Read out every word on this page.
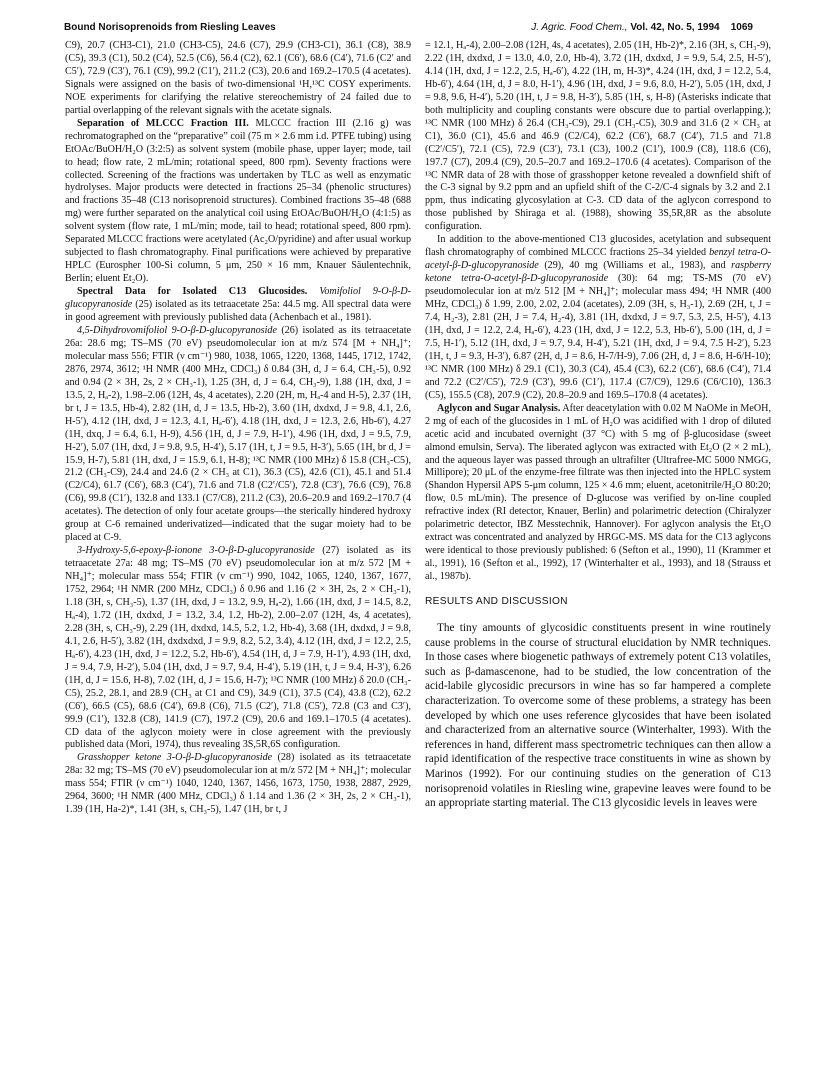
Bound Norisoprenoids from Riesling Leaves	J. Agric. Food Chem., Vol. 42, No. 5, 1994 1069

C9), 20.7 (CH3-C1), 21.0 (CH3-C5), 24.6 (C7), 29.9 (CH3-C1), 36.1 (C8), 38.9 (C5), 39.3 (C1), 50.2 (C4), 52.5 (C6), 56.4 (C2), 62.1 (C6′), 68.6 (C4′), 71.6 (C2′ and C5′), 72.9 (C3′), 76.1 (C9), 99.2 (C1′), 211.2 (C3), 20.6 and 169.2–170.5 (4 acetates). Signals were assigned on the basis of two-dimensional ¹H,¹³C COSY experiments. NOE experiments for clarifying the relative stereochemistry of 24 failed due to partial overlapping of the relevant signals with the acetate signals.

Separation of MLCCC Fraction III. MLCCC fraction III (2.16 g) was rechromatographed on the “preparative” coil (75 m × 2.6 mm i.d. PTFE tubing) using EtOAc/BuOH/H₂O (3:2:5) as solvent system (mobile phase, upper layer; mode, tail to head; flow rate, 2 mL/min; rotational speed, 800 rpm). Seventy fractions were collected. Screening of the fractions was undertaken by TLC as well as enzymatic hydrolyses. Major products were detected in fractions 25–34 (phenolic structures) and fractions 35–48 (C13 norisoprenoid structures). Combined fractions 35–48 (688 mg) were further separated on the analytical coil using EtOAc/BuOH/H₂O (4:1:5) as solvent system (flow rate, 1 mL/min; mode, tail to head; rotational speed, 800 rpm). Separated MLCCC fractions were acetylated (Ac₂O/pyridine) and after usual workup subjected to flash chromatography. Final purifications were achieved by preparative HPLC (Eurospher 100-Si column, 5 μm, 250 × 16 mm, Knauer Säulentechnik, Berlin; eluent Et₂O).

Spectral Data for Isolated C13 Glucosides. Vomifoliol 9-O-β-D-glucopyranoside (25) isolated as its tetraacetate 25a: 44.5 mg. All spectral data were in good agreement with previously published data (Achenbach et al., 1981).

4,5-Dihydrovomifoliol 9-O-β-D-glucopyranoside (26) isolated as its tetraacetate 26a: 28.6 mg; TS–MS (70 eV) pseudomolecular ion at m/z 574 [M + NH₄]⁺; molecular mass 556; FTIR (ν cm⁻¹) 980, 1038, 1065, 1220, 1368, 1445, 1712, 1742, 2876, 2974, 3612; ¹H NMR (400 MHz, CDCl₃) δ 0.84 (3H, d, J = 6.4, CH₃-5), 0.92 and 0.94 (2 × 3H, 2s, 2 × CH₃-1), 1.25 (3H, d, J = 6.4, CH₃-9), 1.88 (1H, dxd, J = 13.5, 2, Hₐ-2), 1.98–2.06 (12H, 4s, 4 acetates), 2.20 (2H, m, Hₐ-4 and H-5), 2.37 (1H, br t, J = 13.5, Hb-4), 2.82 (1H, d, J = 13.5, Hb-2), 3.60 (1H, dxdxd, J = 9.8, 4.1, 2.6, H-5′), 4.12 (1H, dxd, J = 12.3, 4.1, Hₐ-6′), 4.18 (1H, dxd, J = 12.3, 2.6, Hb-6′), 4.27 (1H, dxq, J = 6.4, 6.1, H-9), 4.56 (1H, d, J = 7.9, H-1′), 4.96 (1H, dxd, J = 9.5, 7.9, H-2′), 5.07 (1H, dxd, J = 9.8, 9.5, H-4′), 5.17 (1H, t, J = 9.5, H-3′), 5.65 (1H, br d, J = 15.9, H-7), 5.81 (1H, dxd, J = 15.9, 6.1, H-8); ¹³C NMR (100 MHz) δ 15.8 (CH₃-C5), 21.2 (CH₃-C9), 24.4 and 24.6 (2 × CH₃ at C1), 36.3 (C5), 42.6 (C1), 45.1 and 51.4 (C2/C4), 61.7 (C6′), 68.3 (C4′), 71.6 and 71.8 (C2′/C5′), 72.8 (C3′), 76.6 (C9), 76.8 (C6), 99.8 (C1′), 132.8 and 133.1 (C7/C8), 211.2 (C3), 20.6–20.9 and 169.2–170.7 (4 acetates). The detection of only four acetate groups—the sterically hindered hydroxy group at C-6 remained underivatized—indicated that the sugar moiety had to be placed at C-9.

3-Hydroxy-5,6-epoxy-β-ionone 3-O-β-D-glucopyranoside (27) isolated as its tetraacetate 27a: 48 mg; TS–MS (70 eV) pseudomolecular ion at m/z 572 [M + NH₄]⁺; molecular mass 554; FTIR (ν cm⁻¹) 990, 1042, 1065, 1240, 1367, 1677, 1752, 2964; ¹H NMR (200 MHz, CDCl₃) δ 0.96 and 1.16 (2 × 3H, 2s, 2 × CH₃-1), 1.18 (3H, s, CH₃-5), 1.37 (1H, dxd, J = 13.2, 9.9, Hₐ-2), 1.66 (1H, dxd, J = 14.5, 8.2, Hₐ-4), 1.72 (1H, dxdxd, J = 13.2, 3.4, 1.2, Hb-2), 2.00–2.07 (12H, 4s, 4 acetates), 2.28 (3H, s, CH₃-9), 2.29 (1H, dxdxd, 14.5, 5.2, 1.2, Hb-4), 3.68 (1H, dxdxd, J = 9.8, 4.1, 2.6, H-5′), 3.82 (1H, dxdxdxd, J = 9.9, 8.2, 5.2, 3.4), 4.12 (1H, dxd, J = 12.2, 2.5, Hₐ-6′), 4.23 (1H, dxd, J = 12.2, 5.2, Hb-6′), 4.54 (1H, d, J = 7.9, H-1′), 4.93 (1H, dxd, J = 9.4, 7.9, H-2′), 5.04 (1H, dxd, J = 9.7, 9.4, H-4′), 5.19 (1H, t, J = 9.4, H-3′), 6.26 (1H, d, J = 15.6, H-8), 7.02 (1H, d, J = 15.6, H-7); ¹³C NMR (100 MHz) δ 20.0 (CH₃-C5), 25.2, 28.1, and 28.9 (CH₃ at C1 and C9), 34.9 (C1), 37.5 (C4), 43.8 (C2), 62.2 (C6′), 66.5 (C5), 68.6 (C4′), 69.8 (C6), 71.5 (C2′), 71.8 (C5′), 72.8 (C3 and C3′), 99.9 (C1′), 132.8 (C8), 141.9 (C7), 197.2 (C9), 20.6 and 169.1–170.5 (4 acetates). CD data of the aglycon moiety were in close agreement with the previously published data (Mori, 1974), thus revealing 3S,5R,6S configuration.

Grasshopper ketone 3-O-β-D-glucopyranoside (28) isolated as its tetraacetate 28a: 32 mg; TS–MS (70 eV) pseudomolecular ion at m/z 572 [M + NH₄]⁺; molecular mass 554; FTIR (ν cm⁻¹) 1040, 1240, 1367, 1456, 1673, 1750, 1938, 2887, 2929, 2964, 3600; ¹H NMR (400 MHz, CDCl₃) δ 1.14 and 1.36 (2 × 3H, 2s, 2 × CH₃-1), 1.39 (1H, Ha-2)*, 1.41 (3H, s, CH₃-5), 1.47 (1H, br t, J

= 12.1, Hₐ-4), 2.00–2.08 (12H, 4s, 4 acetates), 2.05 (1H, Hb-2)*, 2.16 (3H, s, CH₃-9), 2.22 (1H, dxdxd, J = 13.0, 4.0, 2.0, Hb-4), 3.72 (1H, dxdxd, J = 9.9, 5.4, 2.5, H-5′), 4.14 (1H, dxd, J = 12.2, 2.5, Hₐ-6′), 4.22 (1H, m, H-3)*, 4.24 (1H, dxd, J = 12.2, 5.4, Hb-6′), 4.64 (1H, d, J = 8.0, H-1′), 4.96 (1H, dxd, J = 9.6, 8.0, H-2′), 5.05 (1H, dxd, J = 9.8, 9.6, H-4′), 5.20 (1H, t, J = 9.8, H-3′), 5.85 (1H, s, H-8) (Asterisks indicate that both multiplicity and coupling constants were obscure due to partial overlapping.); ¹³C NMR (100 MHz) δ 26.4 (CH₃-C9), 29.1 (CH₃-C5), 30.9 and 31.6 (2 × CH₃ at C1), 36.0 (C1), 45.6 and 46.9 (C2/C4), 62.2 (C6′), 68.7 (C4′), 71.5 and 71.8 (C2′/C5′), 72.1 (C5), 72.9 (C3′), 73.1 (C3), 100.2 (C1′), 100.9 (C8), 118.6 (C6), 197.7 (C7), 209.4 (C9), 20.5–20.7 and 169.2–170.6 (4 acetates). Comparison of the ¹³C NMR data of 28 with those of grasshopper ketone revealed a downfield shift of the C-3 signal by 9.2 ppm and an upfield shift of the C-2/C-4 signals by 3.2 and 2.1 ppm, thus indicating glycosylation at C-3. CD data of the aglycon correspond to those published by Shiraga et al. (1988), showing 3S,5R,8R as the absolute configuration.

In addition to the above-mentioned C13 glucosides, acetylation and subsequent flash chromatography of combined MLCCC fractions 25–34 yielded benzyl tetra-O-acetyl-β-D-glucopyranoside (29), 40 mg (Williams et al., 1983), and raspberry ketone tetra-O-acetyl-β-D-glucopyranoside (30): 64 mg; TS-MS (70 eV) pseudomolecular ion at m/z 512 [M + NH₄]⁺; molecular mass 494; ¹H NMR (400 MHz, CDCl₃) δ 1.99, 2.00, 2.02, 2.04 (acetates), 2.09 (3H, s, H₃-1), 2.69 (2H, t, J = 7.4, H₂-3), 2.81 (2H, J = 7.4, H₂-4), 3.81 (1H, dxdxd, J = 9.7, 5.3, 2.5, H-5′), 4.13 (1H, dxd, J = 12.2, 2.4, Hₐ-6′), 4.23 (1H, dxd, J = 12.2, 5.3, Hb-6′), 5.00 (1H, d, J = 7.5, H-1′), 5.12 (1H, dxd, J = 9.7, 9.4, H-4′), 5.21 (1H, dxd, J = 9.4, 7.5 H-2′), 5.23 (1H, t, J = 9.3, H-3′), 6.87 (2H, d, J = 8.6, H-7/H-9), 7.06 (2H, d, J = 8.6, H-6/H-10); ¹³C NMR (100 MHz) δ 29.1 (C1), 30.3 (C4), 45.4 (C3), 62.2 (C6′), 68.6 (C4′), 71.4 and 72.2 (C2′/C5′), 72.9 (C3′), 99.6 (C1′), 117.4 (C7/C9), 129.6 (C6/C10), 136.3 (C5), 155.5 (C8), 207.9 (C2), 20.8–20.9 and 169.5–170.8 (4 acetates).

Aglycon and Sugar Analysis. After deacetylation with 0.02 M NaOMe in MeOH, 2 mg of each of the glucosides in 1 mL of H₂O was acidified with 1 drop of diluted acetic acid and incubated overnight (37 °C) with 5 mg of β-glucosidase (sweet almond emulsin, Serva). The liberated aglycon was extracted with Et₂O (2 × 2 mL), and the aqueous layer was passed through an ultrafilter (Ultrafree-MC 5000 NMGG, Millipore); 20 μL of the enzyme-free filtrate was then injected into the HPLC system (Shandon Hypersil APS 5-μm column, 125 × 4.6 mm; eluent, acetonitrile/H₂O 80:20; flow, 0.5 mL/min). The presence of D-glucose was verified by on-line coupled refractive index (RI detector, Knauer, Berlin) and polarimetric detection (Chiralyzer polarimetric detector, IBZ Messtechnik, Hannover). For aglycon analysis the Et₂O extract was concentrated and analyzed by HRGC-MS. MS data for the C13 aglycons were identical to those previously published: 6 (Sefton et al., 1990), 11 (Krammer et al., 1991), 16 (Sefton et al., 1992), 17 (Winterhalter et al., 1993), and 18 (Strauss et al., 1987b).

RESULTS AND DISCUSSION

The tiny amounts of glycosidic constituents present in wine routinely cause problems in the course of structural elucidation by NMR techniques. In those cases where biogenetic pathways of extremely potent C13 volatiles, such as β-damascenone, had to be studied, the low concentration of the acid-labile glycosidic precursors in wine has so far hampered a complete characterization. To overcome some of these problems, a strategy has been developed by which one uses reference glycosides that have been isolated and characterized from an alternative source (Winterhalter, 1993). With the references in hand, different mass spectrometric techniques can then allow a rapid identification of the respective trace constituents in wine as shown by Marinos (1992). For our continuing studies on the generation of C13 norisoprenoid volatiles in Riesling wine, grapevine leaves were found to be an appropriate starting material. The C13 glycosidic levels in leaves were
